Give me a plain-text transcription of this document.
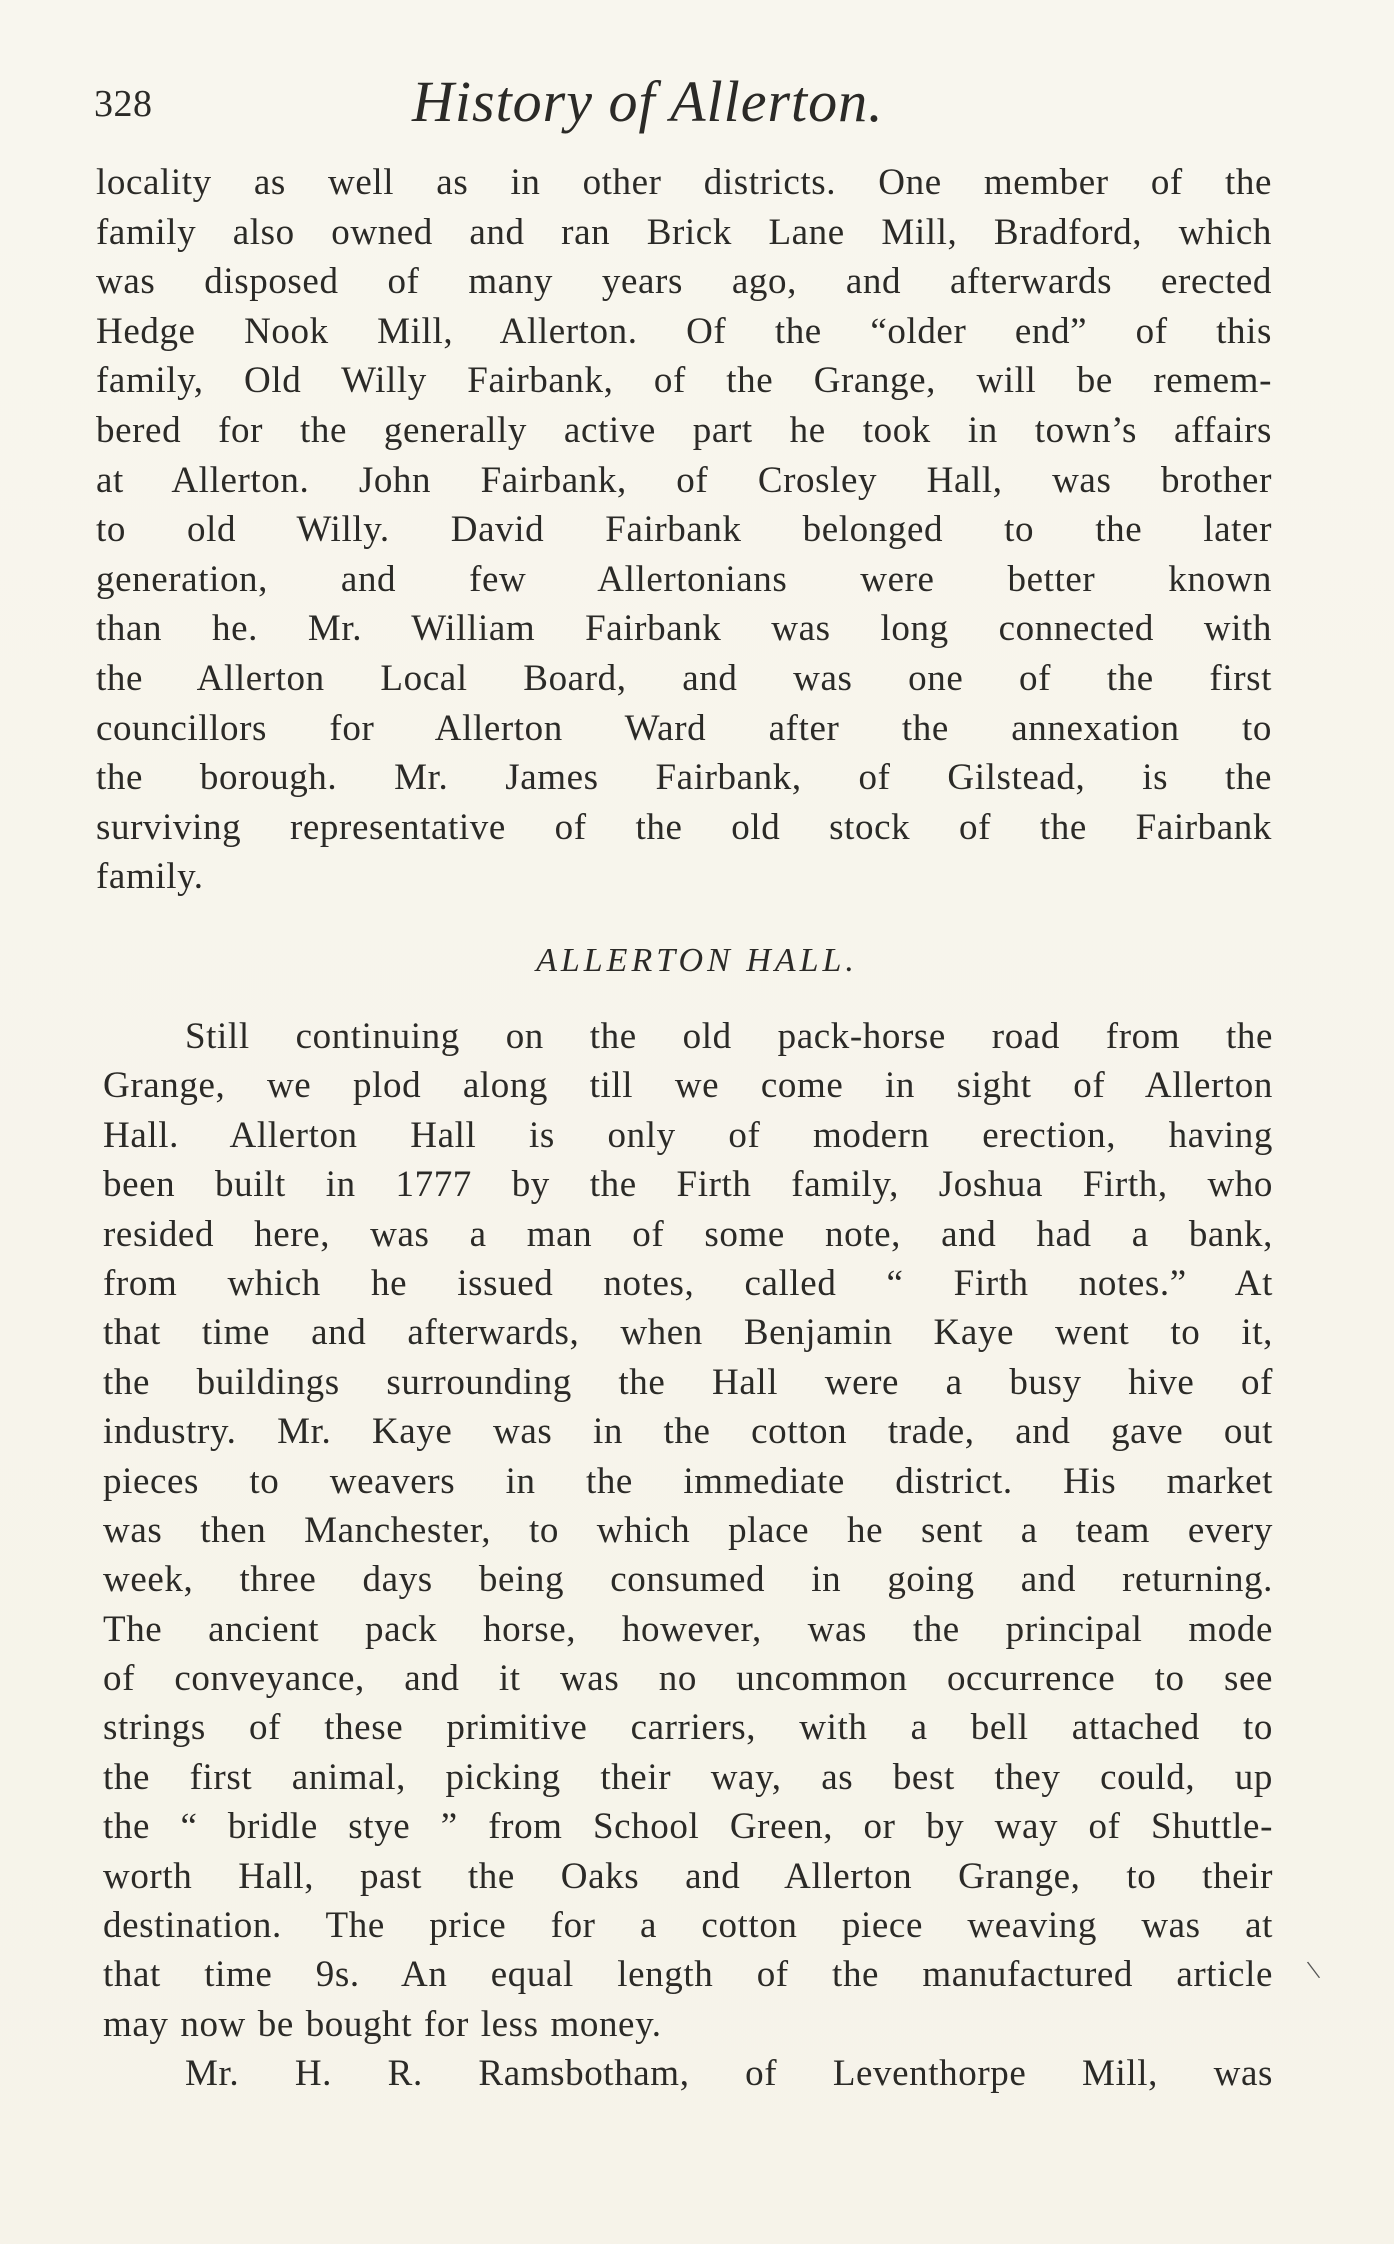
328	History of Allerton.
locality as well as in other districts. One member of the
family also owned and ran Brick Lane Mill, Bradford, which
was disposed of many years ago, and afterwards erected
Hedge Nook Mill, Allerton. Of the “older end” of this
family, Old Willy Fairbank, of the Grange, will be remem-
bered for the generally active part he took in town’s affairs
at Allerton. John Fairbank, of Crosley Hall, was brother
to old Willy. David Fairbank belonged to the later
generation, and few Allertonians were better known
than he. Mr. William Fairbank was long connected with
the Allerton Local Board, and was one of the first
councillors for Allerton Ward after the annexation to
the borough. Mr. James Fairbank, of Gilstead, is the
surviving representative of the old stock of the Fairbank
family.
ALLERTON HALL.
Still continuing on the old pack-horse road from the
Grange, we plod along till we come in sight of Allerton
Hall. Allerton Hall is only of modern erection, having
been built in 1777 by the Firth family, Joshua Firth, who
resided here, was a man of some note, and had a bank,
from which he issued notes, called “ Firth notes.” At
that time and afterwards, when Benjamin Kaye went to it,
the buildings surrounding the Hall were a busy hive of
industry. Mr. Kaye was in the cotton trade, and gave out
pieces to weavers in the immediate district. His market
was then Manchester, to which place he sent a team every
week, three days being consumed in going and returning.
The ancient pack horse, however, was the principal mode
of conveyance, and it was no uncommon occurrence to see
strings of these primitive carriers, with a bell attached to
the first animal, picking their way, as best they could, up
the “ bridle stye ” from School Green, or by way of Shuttle-
worth Hall, past the Oaks and Allerton Grange, to their
destination. The price for a cotton piece weaving was at
that time 9s. An equal length of the manufactured article
may now be bought for less money.
Mr. H. R. Ramsbotham, of Leventhorpe Mill, was
\
